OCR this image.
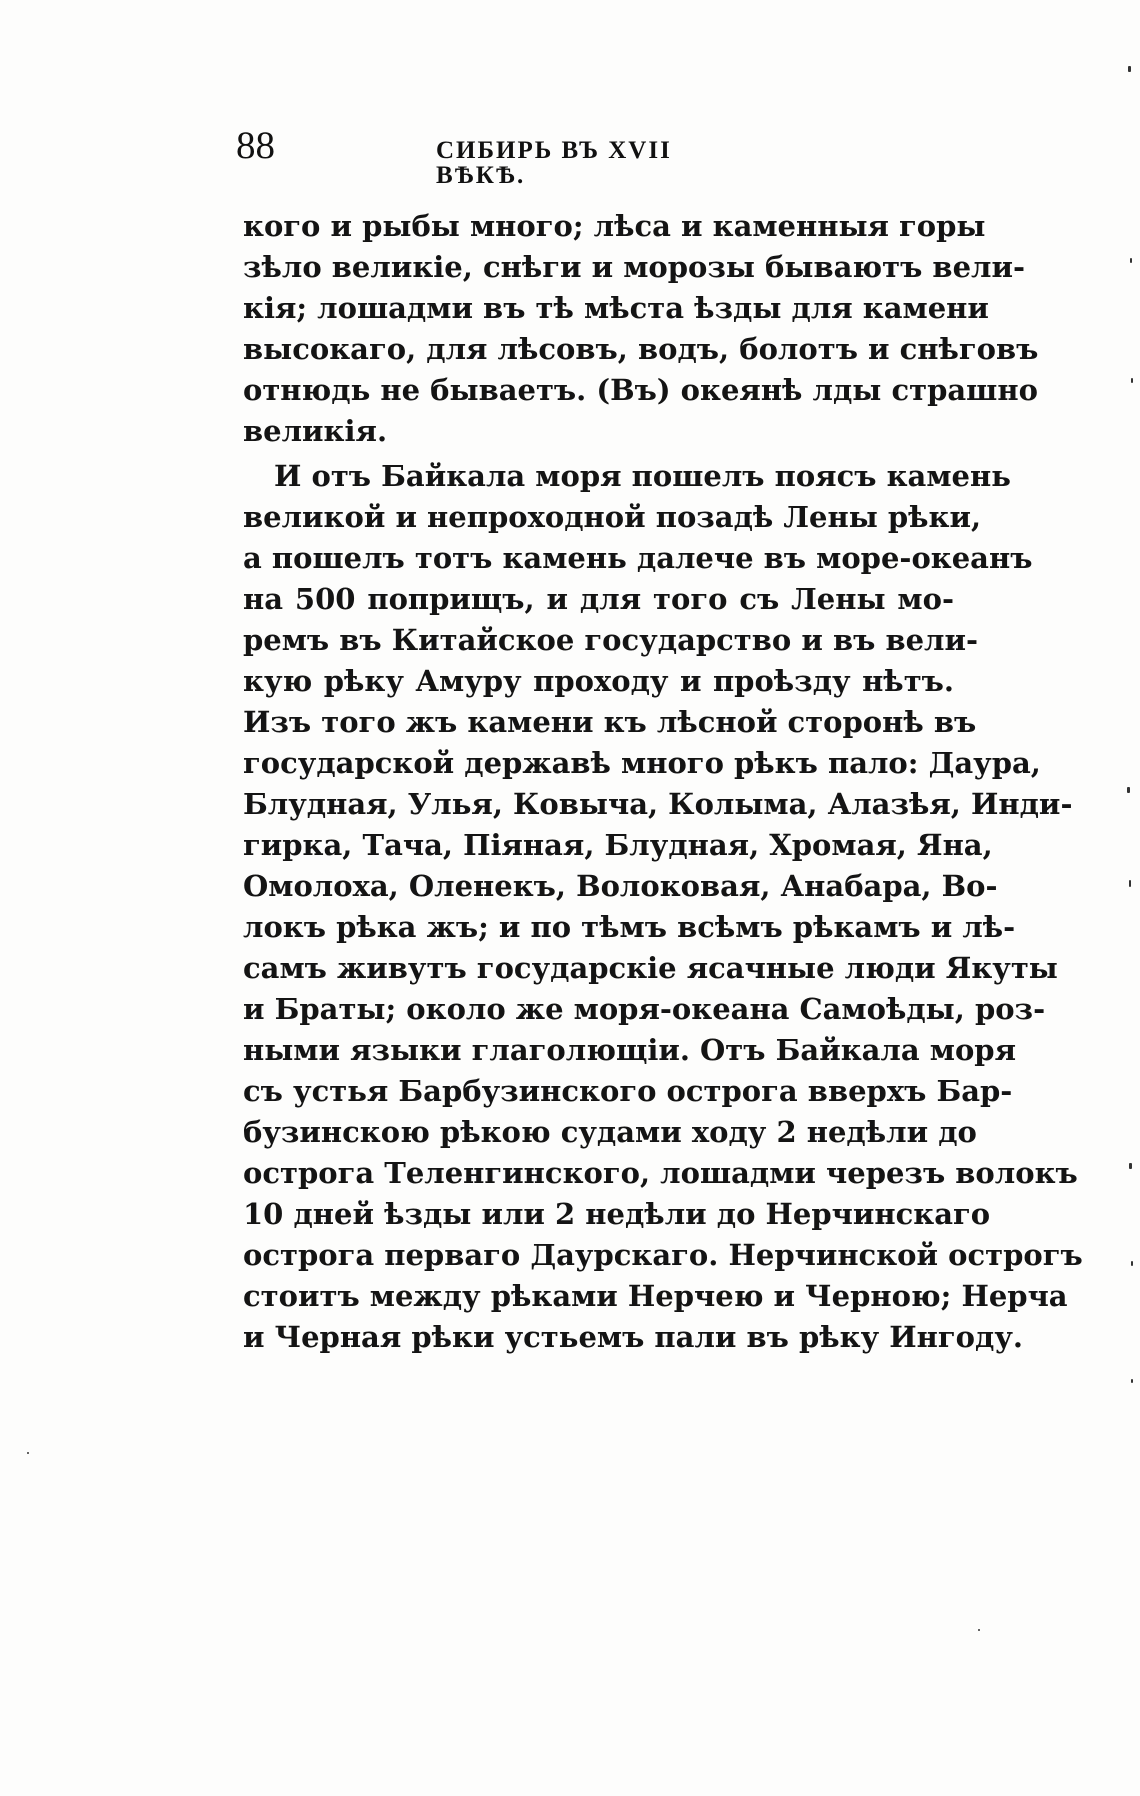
88	СИБИРЬ ВЪ XVII ВѢКѢ.
кого и рыбы много; лѣса и каменныя горы
зѣло великіе, снѣги и морозы бываютъ вели-
кія; лошадми въ тѣ мѣста ѣзды для камени
высокаго, для лѣсовъ, водъ, болотъ и снѣговъ
отнюдь не бываетъ. (Въ) океянѣ лды страшно
великія.
И отъ Байкала моря пошелъ поясъ камень
великой и непроходной позадѣ Лены рѣки,
а пошелъ тотъ камень далече въ море-океанъ
на 500 поприщъ, и для того съ Лены мо-
ремъ въ Китайское государство и въ вели-
кую рѣку Амуру проходу и проѣзду нѣтъ.
Изъ того жъ камени къ лѣсной сторонѣ въ
государской державѣ много рѣкъ пало: Даура,
Блудная, Улья, Ковыча, Колыма, Алазѣя, Инди-
гирка, Тача, Піяная, Блудная, Хромая, Яна,
Омолоха, Оленекъ, Волоковая, Анабара, Во-
локъ рѣка жъ; и по тѣмъ всѣмъ рѣкамъ и лѣ-
самъ живутъ государскіе ясачные люди Якуты
и Браты; около же моря-океана Самоѣды, роз-
ными языки глаголющіи. Отъ Байкала моря
съ устья Барбузинского острога вверхъ Бар-
бузинскою рѣкою судами ходу 2 недѣли до
острога Теленгинского, лошадми черезъ волокъ
10 дней ѣзды или 2 недѣли до Нерчинскаго
острога перваго Даурскаго. Нерчинской острогъ
стоитъ между рѣками Нерчею и Черною; Нерча
и Черная рѣки устьемъ пали въ рѣку Ингоду.
